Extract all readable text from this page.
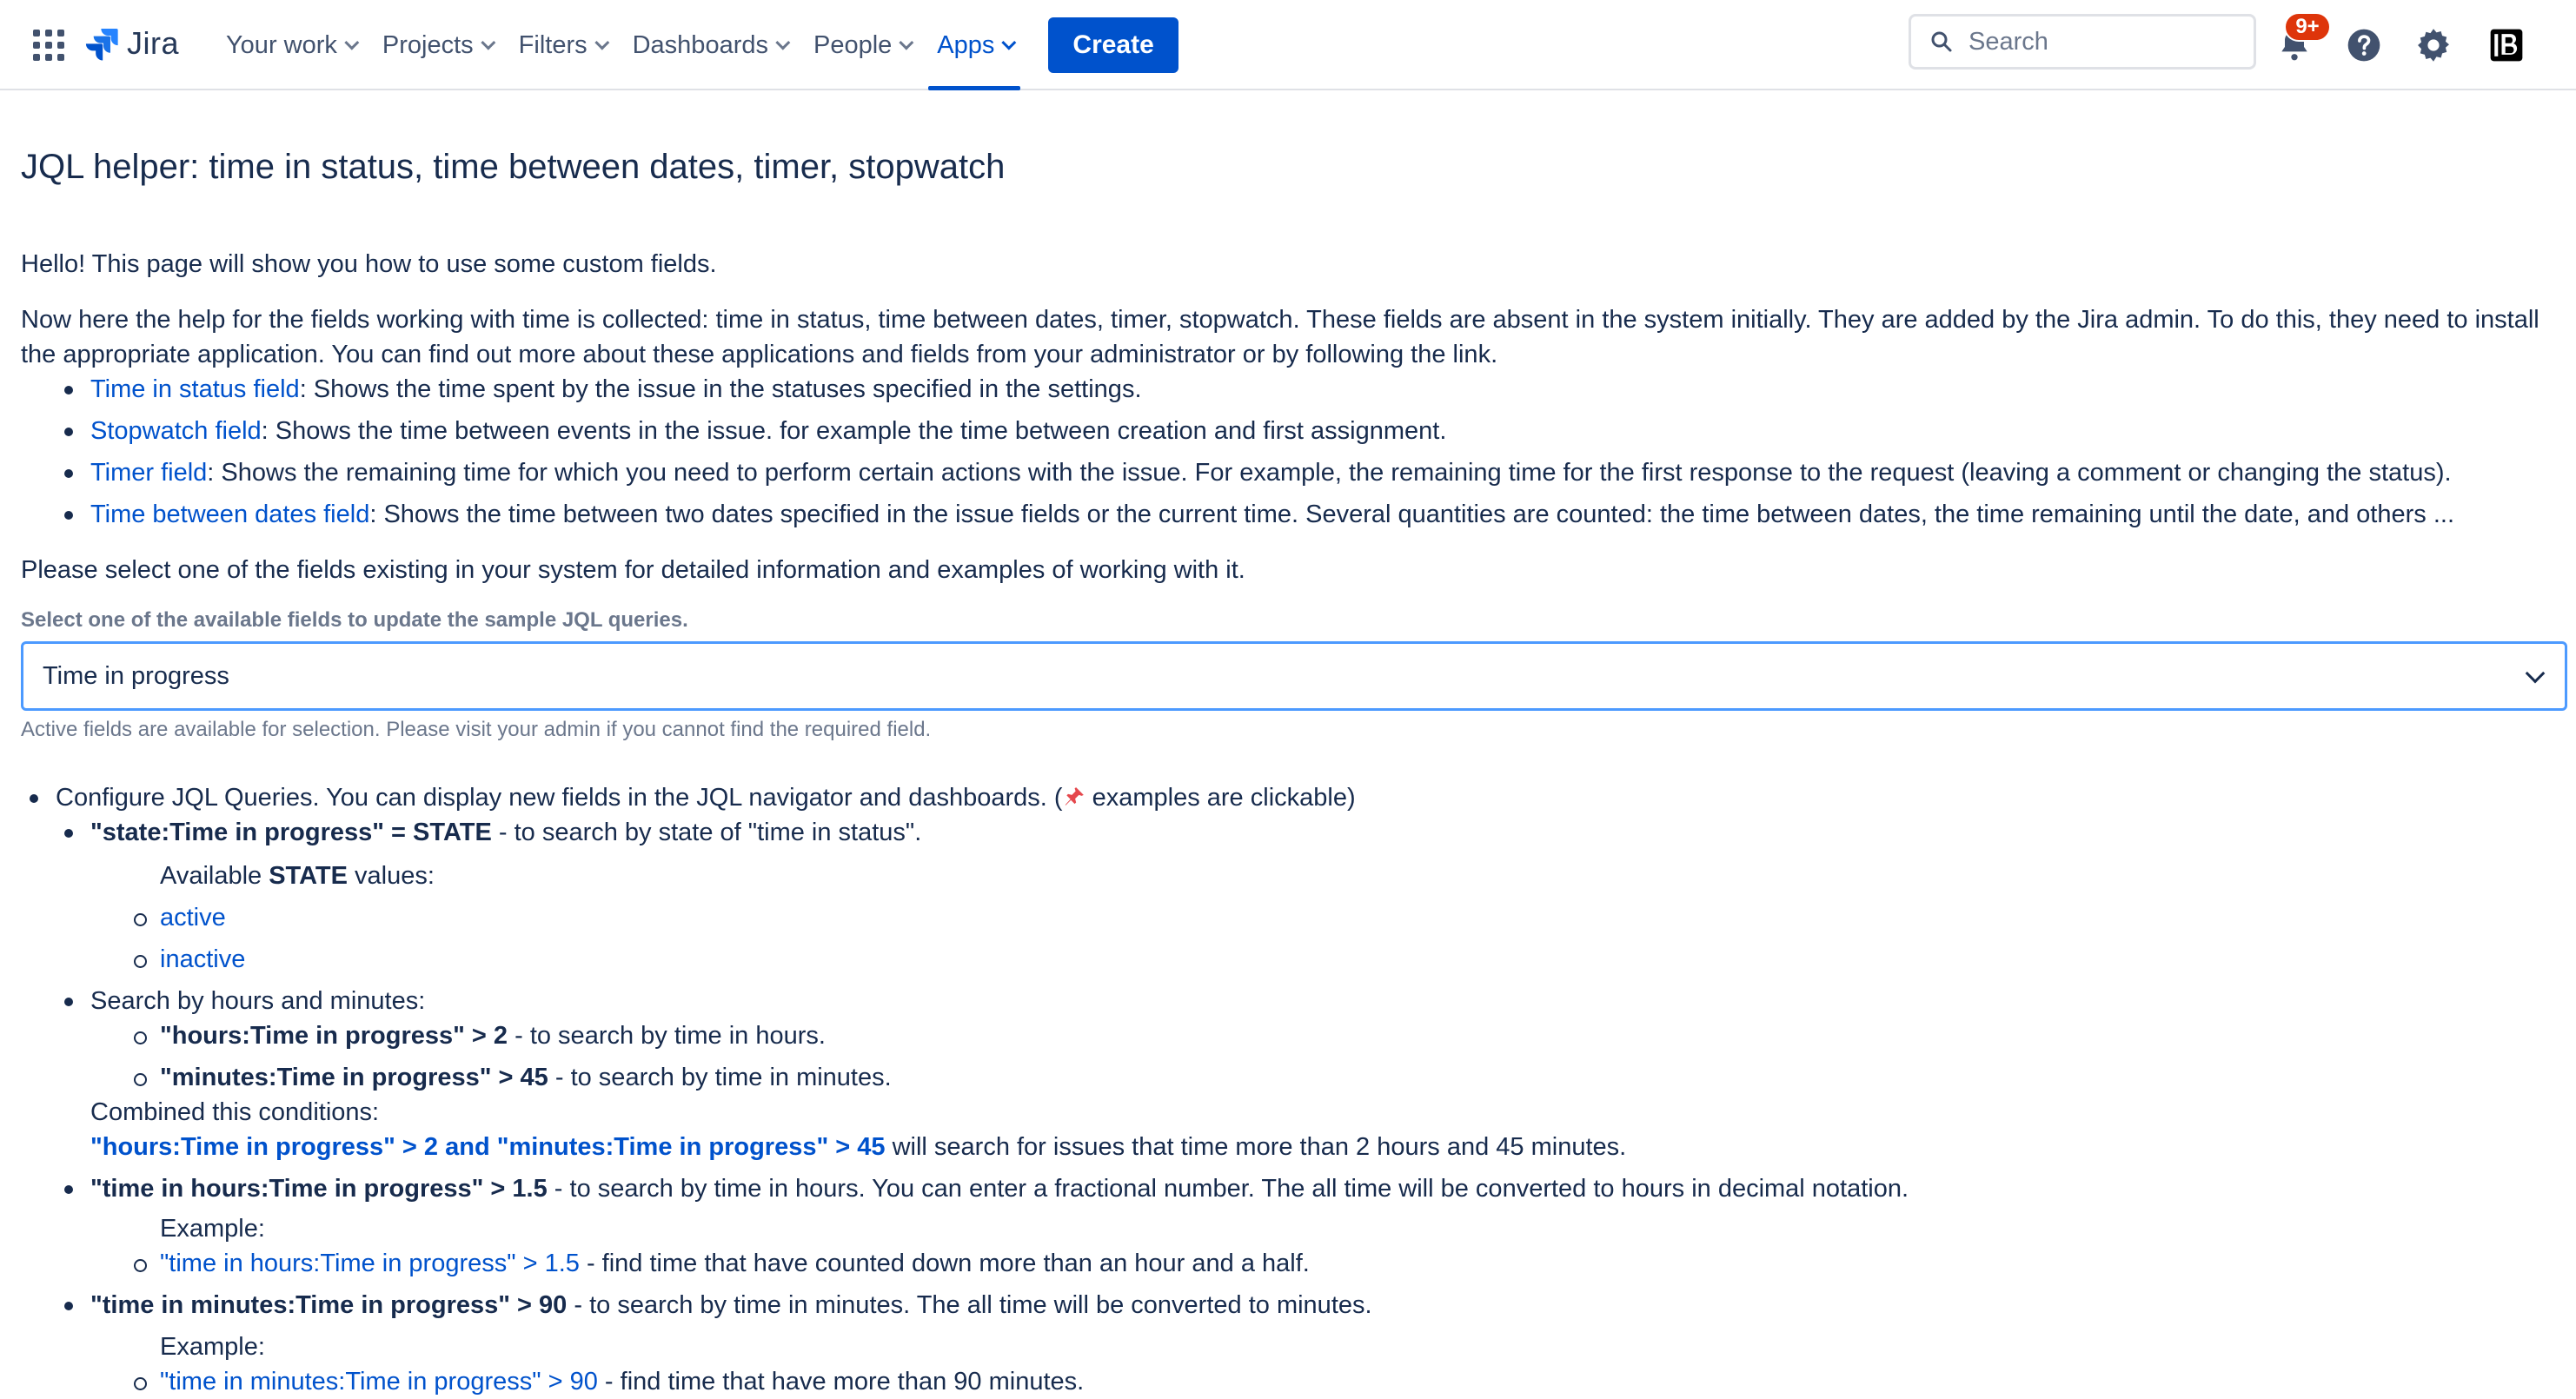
Jira Your work Projects Filters Dashboards People Apps	Create
Search
9+
JQL helper: time in status, time between dates, timer, stopwatch
Hello! This page will show you how to use some custom fields.
Now here the help for the fields working with time is collected: time in status, time between dates, timer, stopwatch. These fields are absent in the system initially. They are added by the Jira admin. To do this, they need to install
the appropriate application. You can find out more about these applications and fields from your administrator or by following the link.
Time in status field: Shows the time spent by the issue in the statuses specified in the settings.
Stopwatch field: Shows the time between events in the issue. for example the time between creation and first assignment.
Timer field: Shows the remaining time for which you need to perform certain actions with the issue. For example, the remaining time for the first response to the request (leaving a comment or changing the status).
Time between dates field: Shows the time between two dates specified in the issue fields or the current time. Several quantities are counted: the time between dates, the time remaining until the date, and others ...
Please select one of the fields existing in your system for detailed information and examples of working with it.
Select one of the available fields to update the sample JQL queries.
Time in progress
Active fields are available for selection. Please visit your admin if you cannot find the required field.
Configure JQL Queries. You can display new fields in the JQL navigator and dashboards. ( examples are clickable)
"state:Time in progress" = STATE - to search by state of "time in status".
Available STATE values:
active
inactive
Search by hours and minutes:
"hours:Time in progress" > 2 - to search by time in hours.
"minutes:Time in progress" > 45 - to search by time in minutes.
Combined this conditions:
"hours:Time in progress" > 2 and "minutes:Time in progress" > 45 will search for issues that time more than 2 hours and 45 minutes.
"time in hours:Time in progress" > 1.5 - to search by time in hours. You can enter a fractional number. The all time will be converted to hours in decimal notation.
Example:
"time in hours:Time in progress" > 1.5 - find time that have counted down more than an hour and a half.
"time in minutes:Time in progress" > 90 - to search by time in minutes. The all time will be converted to minutes.
Example:
"time in minutes:Time in progress" > 90 - find time that have more than 90 minutes.
